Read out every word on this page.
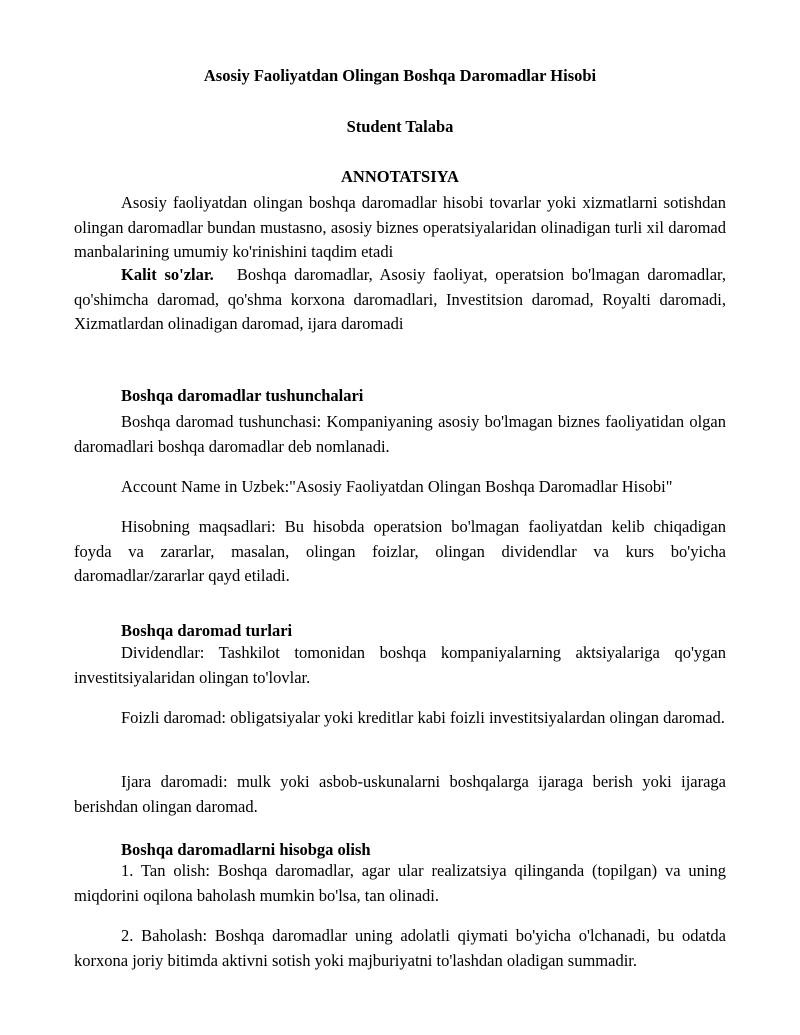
Asosiy Faoliyatdan Olingan Boshqa Daromadlar Hisobi
Student Talaba
ANNOTATSIYA

Asosiy faoliyatdan olingan boshqa daromadlar hisobi tovarlar yoki xizmatlarni sotishdan olingan daromadlar bundan mustasno, asosiy biznes operatsiyalaridan olinadigan turli xil daromad manbalarining umumiy ko'rinishini taqdim etadi

Kalit so'zlar. Boshqa daromadlar, Asosiy faoliyat, operatsion bo'lmagan daromadlar, qo'shimcha daromad, qo'shma korxona daromadlari, Investitsion daromad, Royalti daromadi, Xizmatlardan olinadigan daromad, ijara daromadi

Boshqa daromadlar tushunchalari

Boshqa daromad tushunchasi: Kompaniyaning asosiy bo'lmagan biznes faoliyatidan olgan daromadlari boshqa daromadlar deb nomlanadi.

Account Name in Uzbek:"Asosiy Faoliyatdan Olingan Boshqa Daromadlar Hisobi"

Hisobning maqsadlari: Bu hisobda operatsion bo'lmagan faoliyatdan kelib chiqadigan foyda va zararlar, masalan, olingan foizlar, olingan dividendlar va kurs bo'yicha daromadlar/zararlar qayd etiladi.

Boshqa daromad turlari

Dividendlar: Tashkilot tomonidan boshqa kompaniyalarning aktsiyalariga qo'ygan investitsiyalaridan olingan to'lovlar.

Foizli daromad: obligatsiyalar yoki kreditlar kabi foizli investitsiyalardan olingan daromad.

Ijara daromadi: mulk yoki asbob-uskunalarni boshqalarga ijaraga berish yoki ijaraga berishdan olingan daromad.

Boshqa daromadlarni hisobga olish

1. Tan olish: Boshqa daromadlar, agar ular realizatsiya qilinganda (topilgan) va uning miqdorini oqilona baholash mumkin bo'lsa, tan olinadi.

2. Baholash: Boshqa daromadlar uning adolatli qiymati bo'yicha o'lchanadi, bu odatda korxona joriy bitimda aktivni sotish yoki majburiyatni to'lashdan oladigan summadir.
